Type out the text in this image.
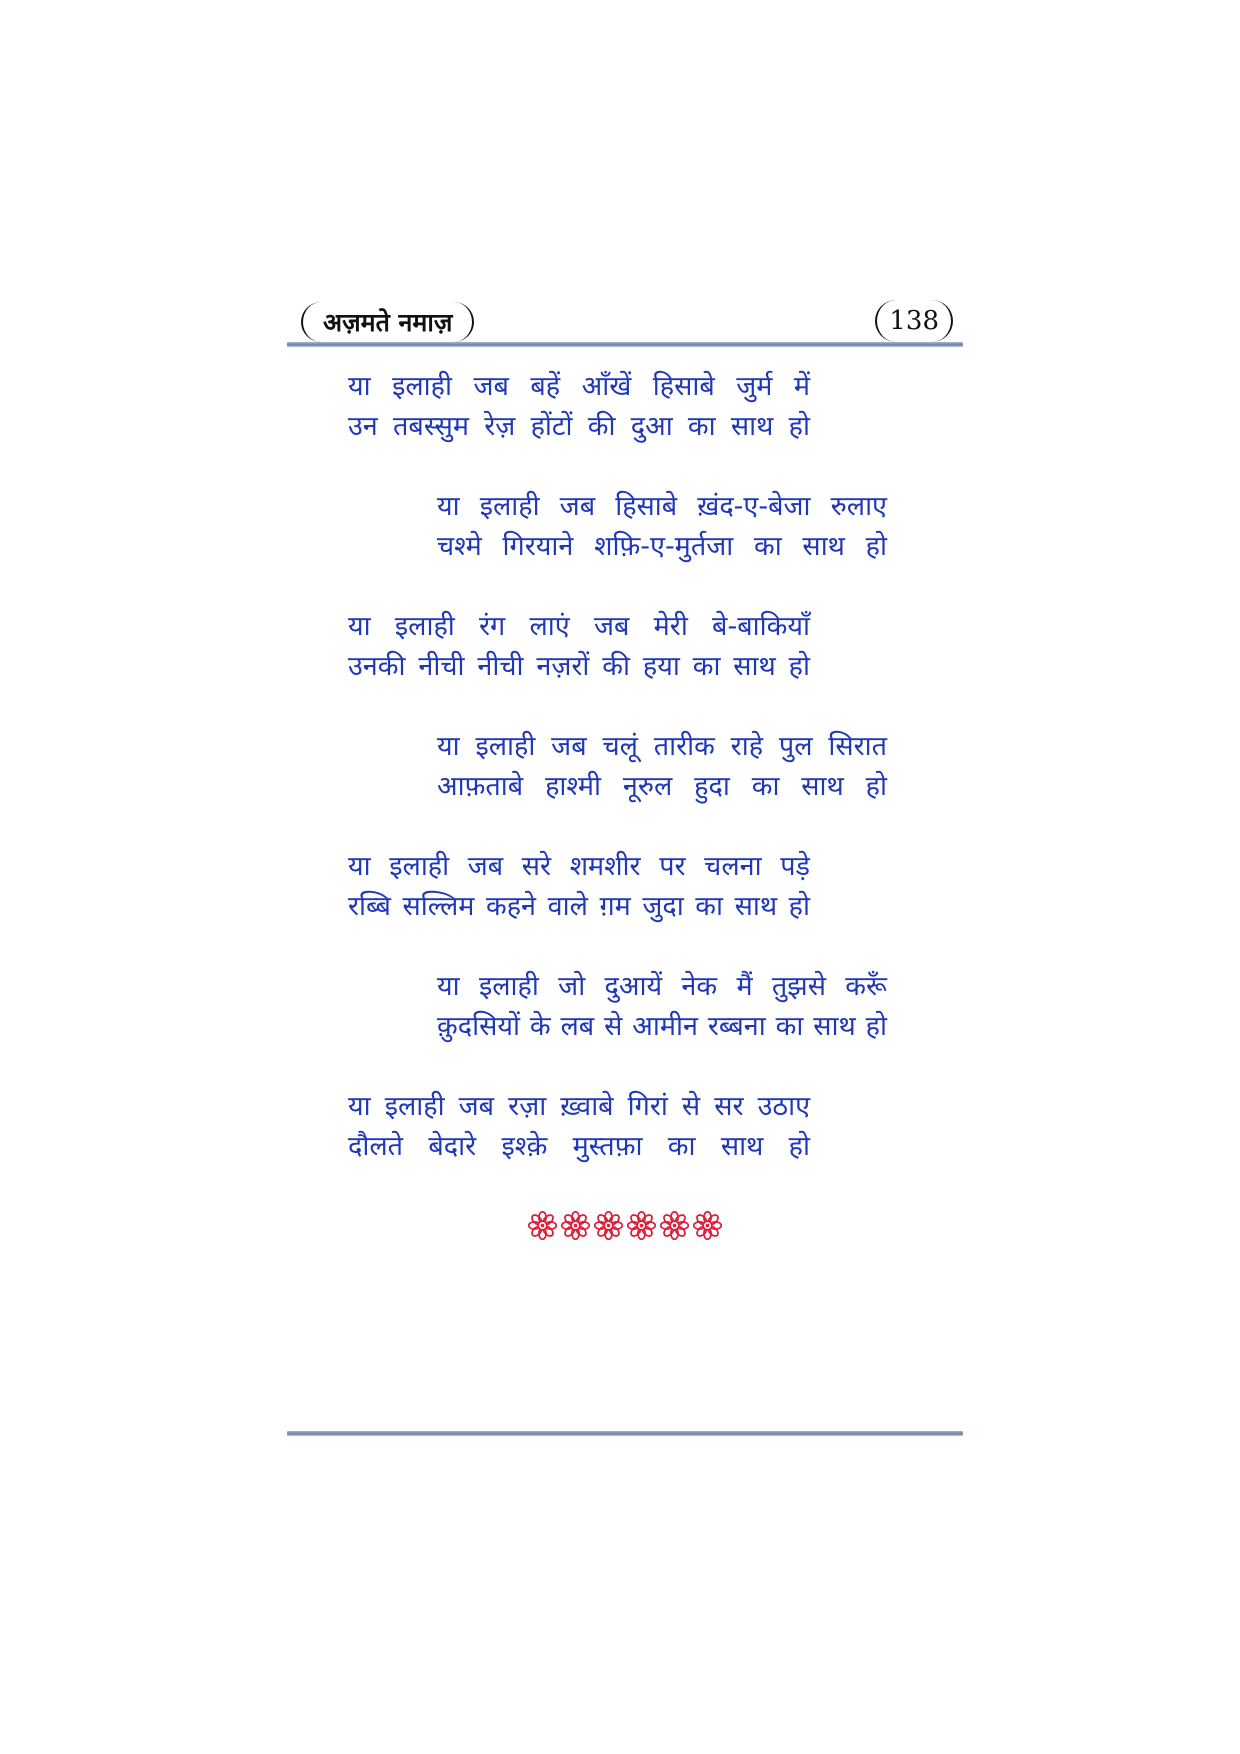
अज़मते नमाज़	138
या इलाही जब बहें आँखें हिसाबे जुर्म में
उन तबस्सुम रेज़ होंटों की दुआ का साथ हो
या इलाही जब हिसाबे ख़ंद-ए-बेजा रुलाए
चश्मे गिरयाने शफ़ि-ए-मुर्तजा का साथ हो
या इलाही रंग लाएं जब मेरी बे-बाकियाँ
उनकी नीची नीची नज़रों की हया का साथ हो
या इलाही जब चलूं तारीक राहे पुल सिरात
आफ़ताबे हाश्मी नूरुल हुदा का साथ हो
या इलाही जब सरे शमशीर पर चलना पड़े
रब्बि सल्लिम कहने वाले ग़म जुदा का साथ हो
या इलाही जो दुआयें नेक मैं तुझसे करूँ
क़ुदसियों के लब से आमीन रब्बना का साथ हो
या इलाही जब रज़ा ख़्वाबे गिरां से सर उठाए
दौलते बेदारे इश्क़े मुस्तफ़ा का साथ हो
